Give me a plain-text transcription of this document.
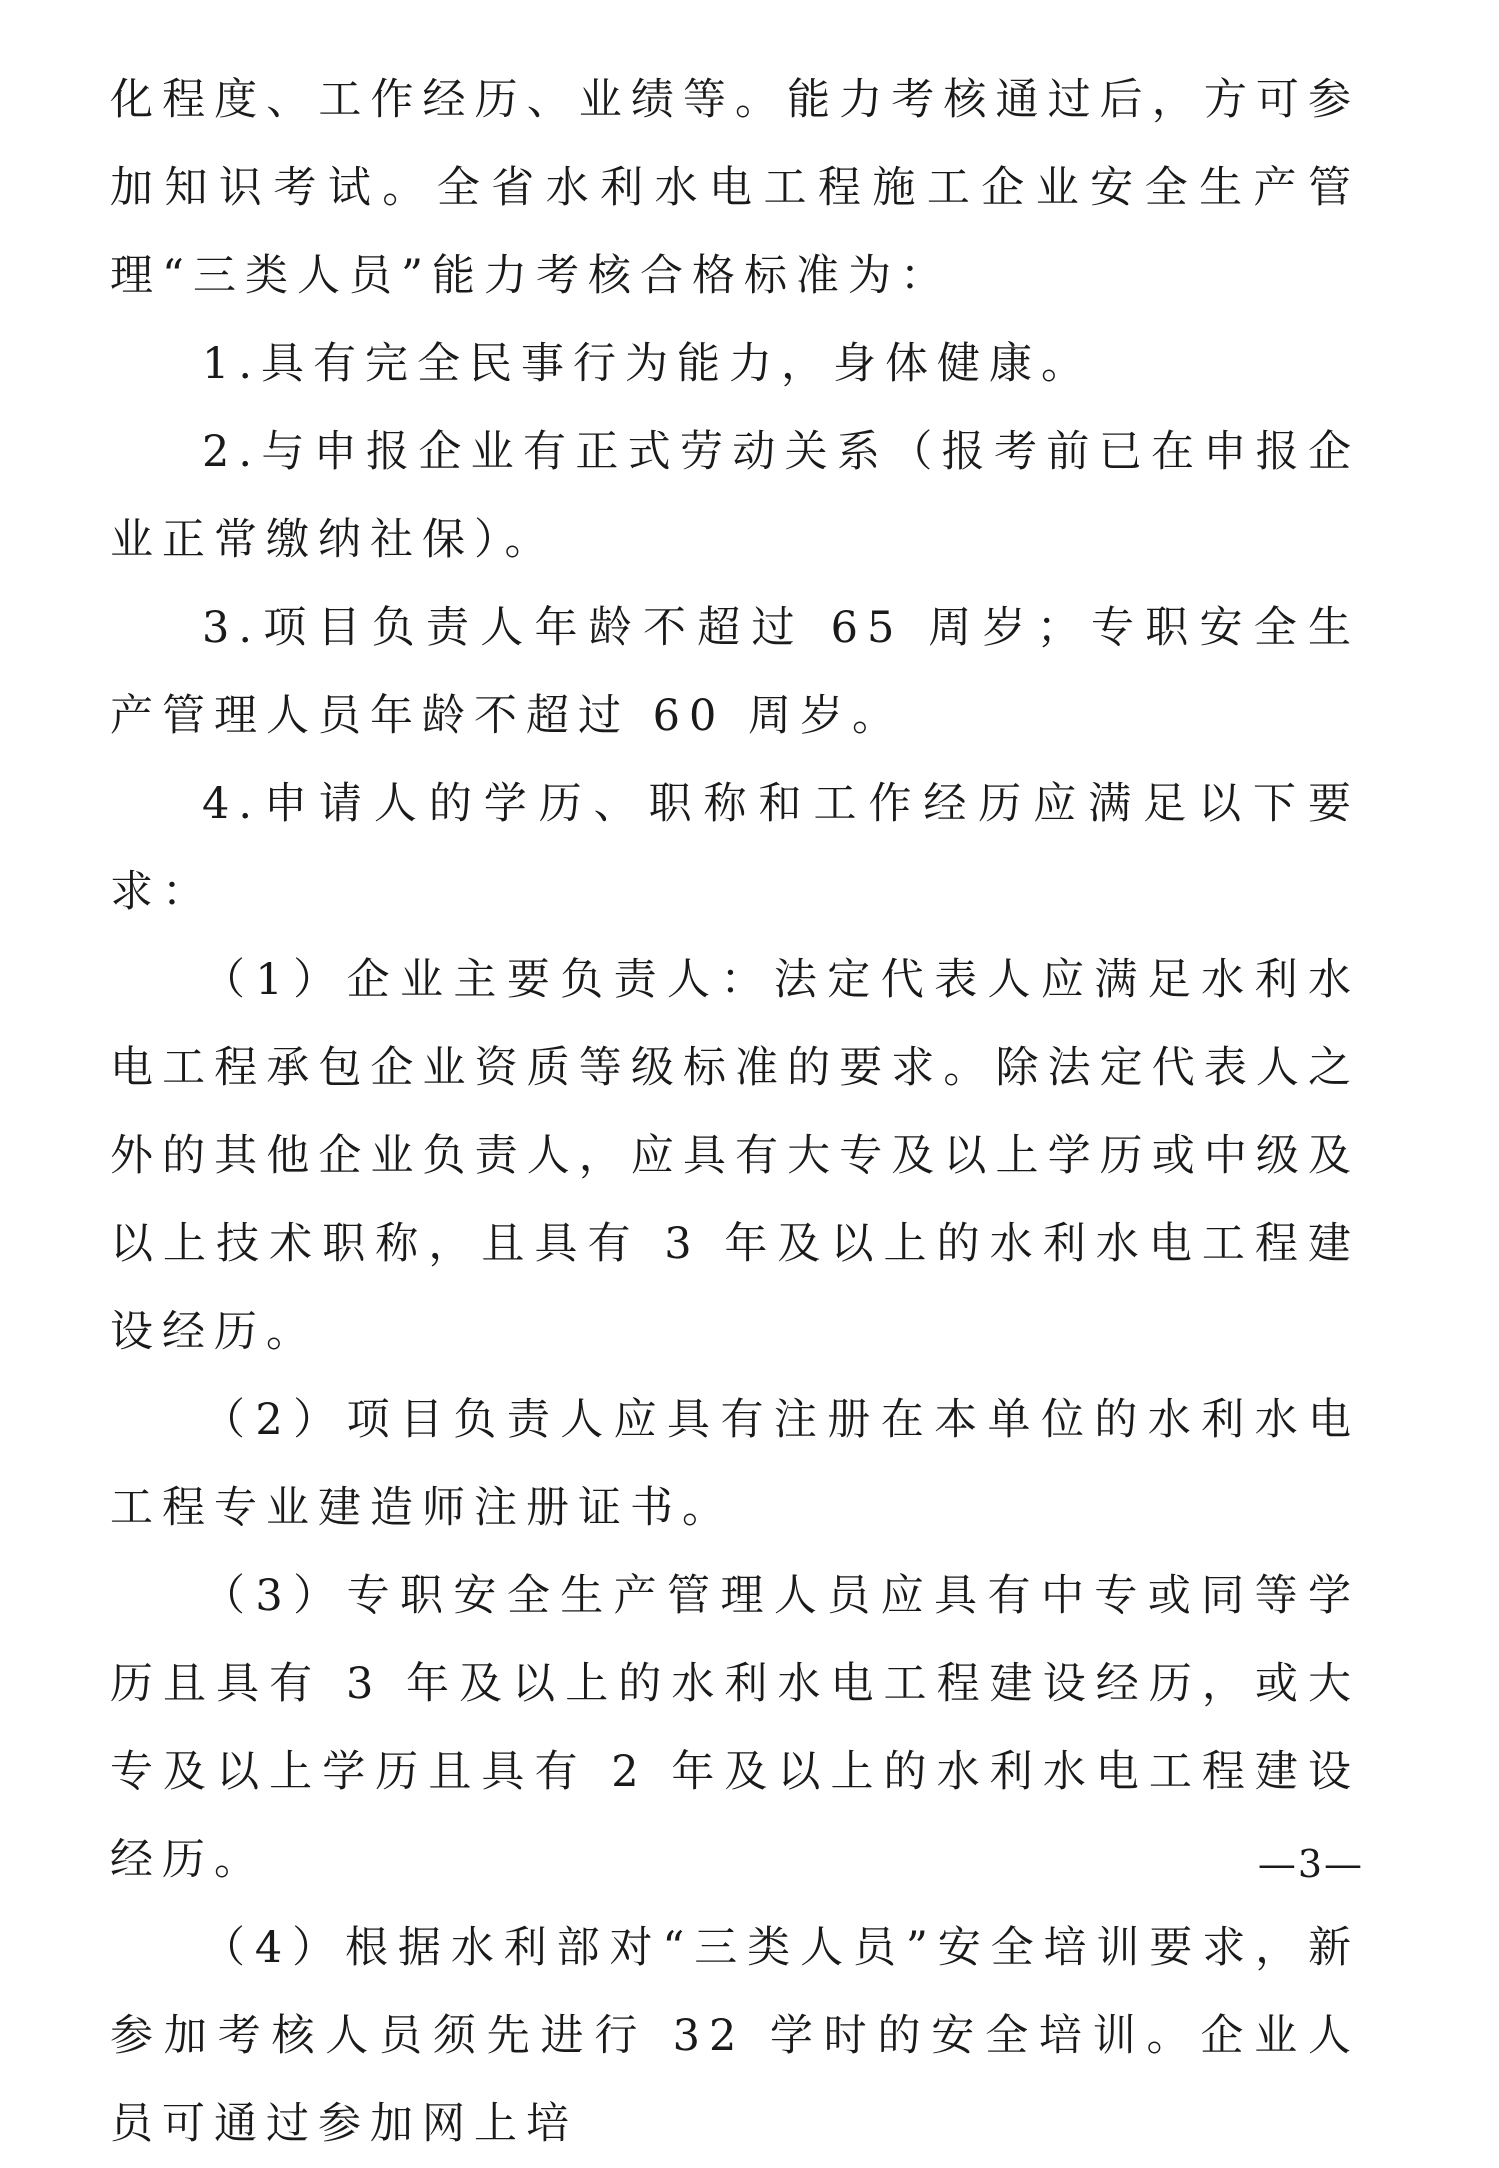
化程度、工作经历、业绩等。能力考核通过后，方可参加知识考试。全省水利水电工程施工企业安全生产管理“三类人员”能力考核合格标准为：

1.具有完全民事行为能力，身体健康。

2.与申报企业有正式劳动关系（报考前已在申报企业正常缴纳社保）。

3.项目负责人年龄不超过 65 周岁；专职安全生产管理人员年龄不超过 60 周岁。

4.申请人的学历、职称和工作经历应满足以下要求：

（1）企业主要负责人：法定代表人应满足水利水电工程承包企业资质等级标准的要求。除法定代表人之外的其他企业负责人，应具有大专及以上学历或中级及以上技术职称，且具有 3 年及以上的水利水电工程建设经历。

（2）项目负责人应具有注册在本单位的水利水电工程专业建造师注册证书。

（3）专职安全生产管理人员应具有中专或同等学历且具有 3 年及以上的水利水电工程建设经历，或大专及以上学历且具有 2 年及以上的水利水电工程建设经历。

（4）根据水利部对“三类人员”安全培训要求，新参加考核人员须先进行 32 学时的安全培训。企业人员可通过参加网上培

—3—
